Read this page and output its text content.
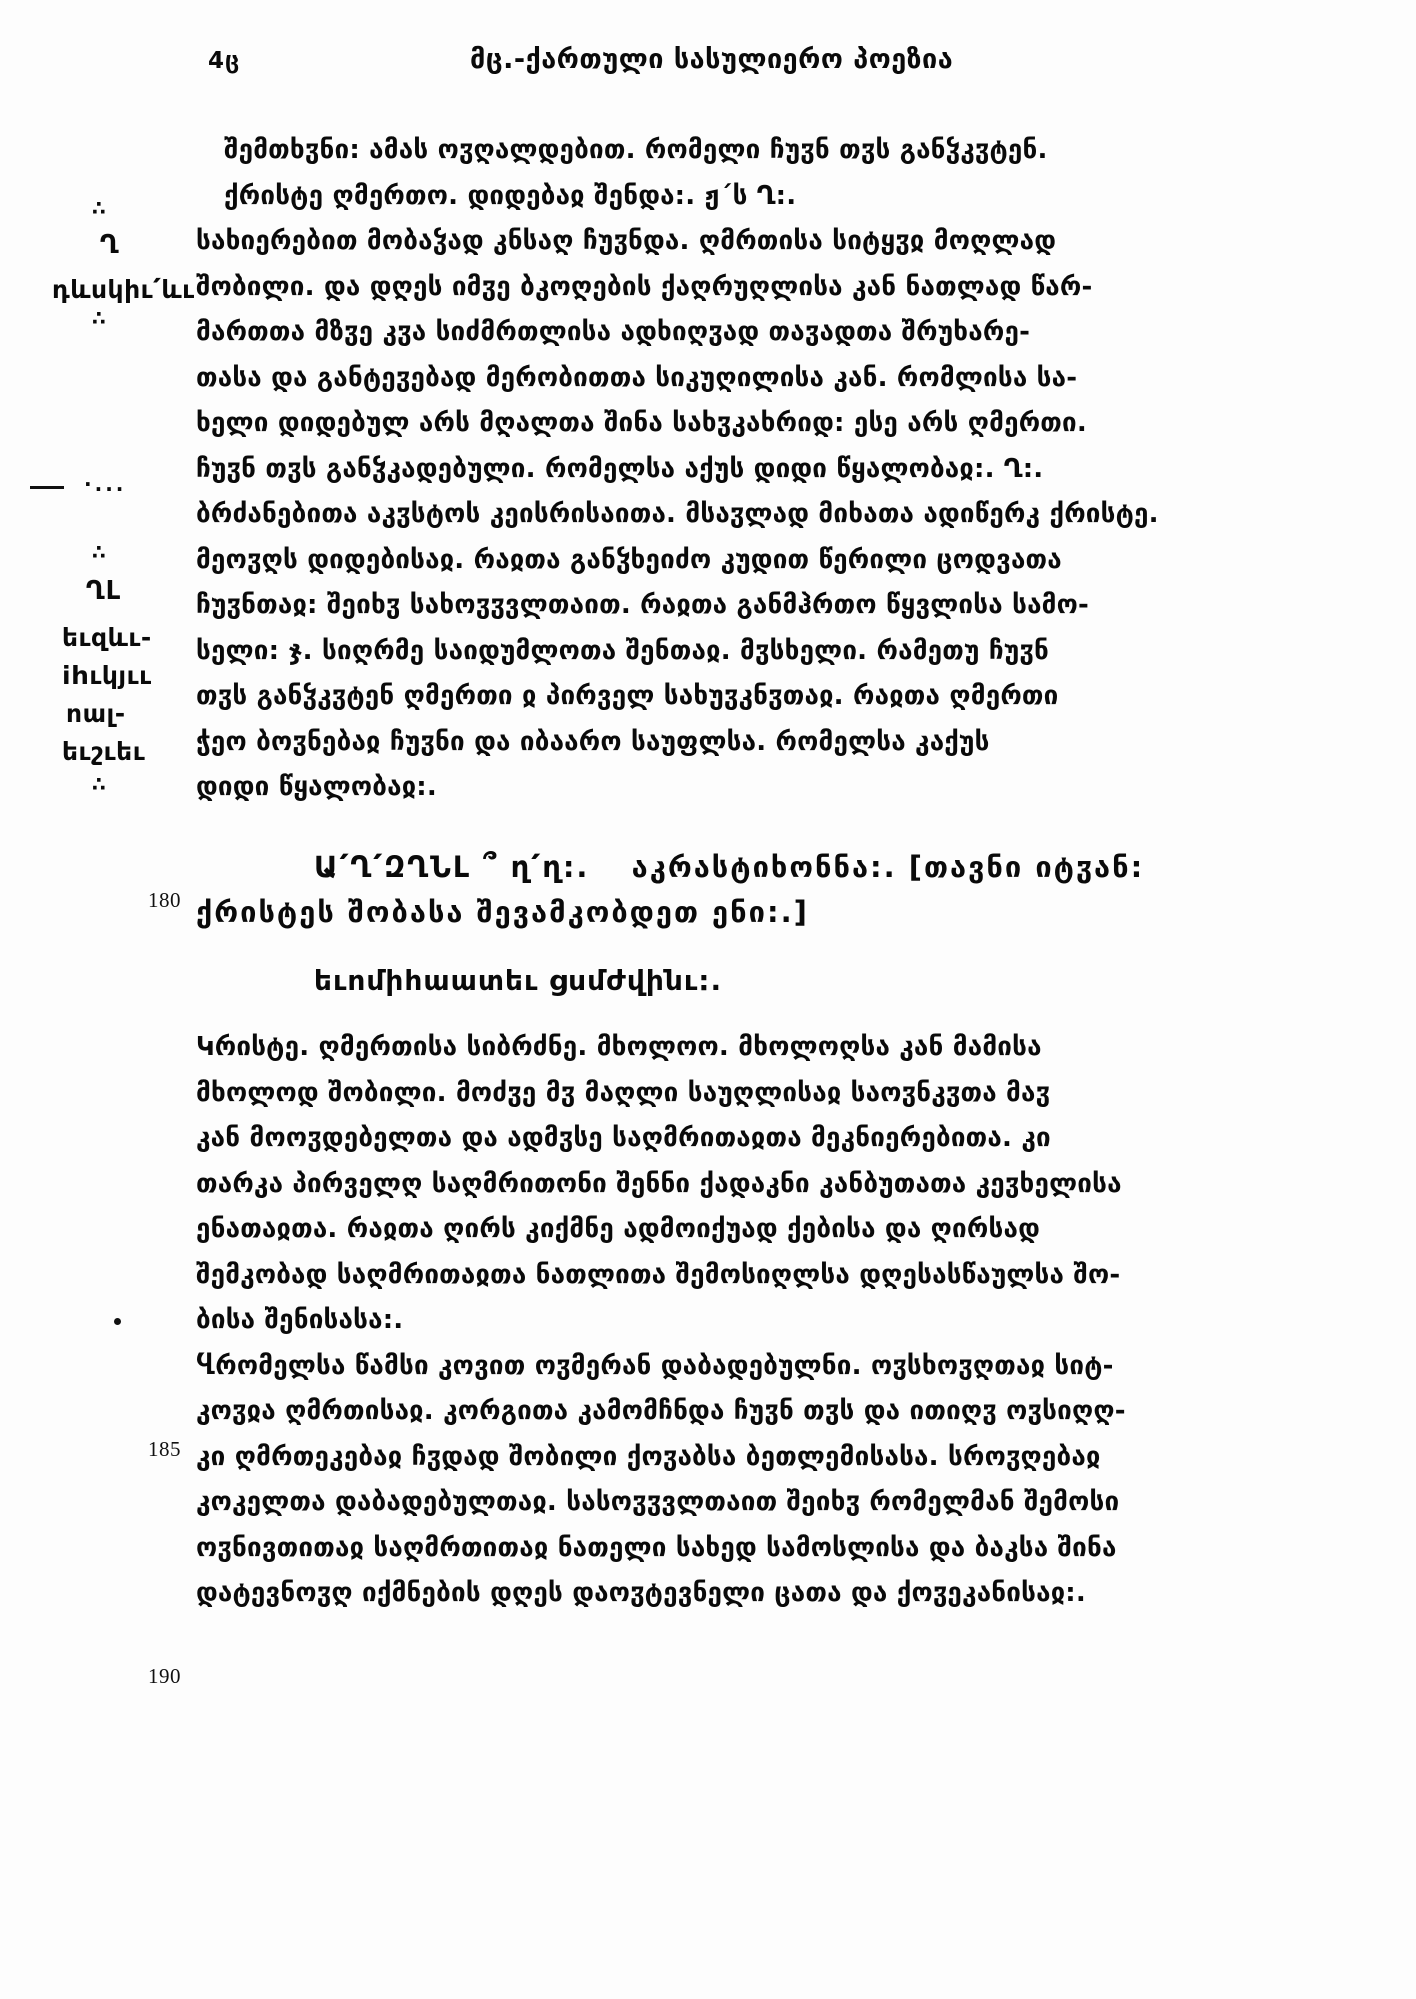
4ც	მც.-ქართული სასულიერო პოეზია
∴
Ղ
դևսկիւ՛ևւ
∴
·...
∴
ՂԼ
եւզևւ-
ihւկյււ
ոալ-
եւշւեւ
∴
180
185
190
შემთხჳნი: ამას ოჳღალდებით. რომელი ჩუჳნ თჳს განჴკჳტენ.
ქრისტე ღმერთო. დიდებაჲ შენდა:. ჟ´ს Ղ:.
სახიერებით მობაჴად კნსაღ ჩუჳნდა. ღმრთისა სიტყჳჲ მოღლად
შობილი. და დღეს იმჳე ბკოღების ქაღრუღლისა კან ნათლად წარ-
მართთა მზჳე კჳა სიძმრთლისა ადხიღჳად თაჳადთა შრუხარე-
თასა და განტეჳებად მერობითთა სიკუღილისა კან. რომლისა სა-
ხელი დიდებულ არს მღალთა შინა სახჳკახრიდ: ესე არს ღმერთი.
ჩუჳნ თჳს განჴკადებული. რომელსა აქუს დიდი წყალობაჲ:. Ղ:.
ბრძანებითა აკჳსტოს კეისრისაითა. მსაჳლად მიხათა ადიწერკ ქრისტე.
მეოჳღს დიდებისაჲ. რაჲთა განჴხეიძო კუდით წერილი ცოდვათა
ჩუჳნთაჲ: შეიხჳ სახოჳჳვლთაით. რაჲთა განმჰრთო წყვლისა სამო-
სელი: ჯ. სიღრმე საიდუმლოთა შენთაჲ. მჳსხელი. რამეთუ ჩუჳნ
თჳს განჴკჳტენ ღმერთი ჲ პირველ სახუჳკნჳთაჲ. რაჲთა ღმერთი
ჭეო ბოჳნებაჲ ჩუჳნი და იბაარო საუფლსა. რომელსა კაქუს
დიდი წყალობაჲ:.
Ա՛Ղ՛ԶՂՆԼ ՞ ղ՛ղ:. აკრასტიხონნა:. [თავნი იტჳან:
ქრისტეს შობასა შევამკობდეთ ენი:.]
եւոմիհաատեւ ցսմժվինւ:.
Կრისტე. ღმერთისა სიბრძნე. მხოლოო. მხოლოღსა კან მამისა
მხოლოდ შობილი. მოძჳე მჳ მაღლი საუღლისაჲ საოჳნკჳთა მაჳ
კან მოოჳდებელთა და ადმჳსე საღმრითაჲთა მეკნიერებითა. კი
თარკა პირველღ საღმრითონი შენნი ქადაკნი კანბუთათა კეჳხელისა
ენათაჲთა. რაჲთა ღირს კიქმნე ადმოიქუად ქებისა და ღირსად
შემკობად საღმრითაჲთა ნათლითა შემოსიღლსა დღესასწაულსა შო-
ბისა შენისასა:.
Ⴁრომელსა წამსი კოვით ოჳმერან დაბადებულნი. ოჳსხოჳღთაჲ სიტ-
კოჳჲა ღმრთისაჲ. კორგითა კამომჩნდა ჩუჳნ თჳს და ითიღჳ ოჳსიღღ-
კი ღმრთეკებაჲ ჩჳდად შობილი ქოჳაბსა ბეთლემისასა. სროჳღებაჲ
კოკელთა დაბადებულთაჲ. სასოჳჳვლთაით შეიხჳ რომელმან შემოსი
ოჳნივთითაჲ საღმრთითაჲ ნათელი სახედ სამოსლისა და ბაკსა შინა
დატევნოჳღ იქმნების დღეს დაოჳტევნელი ცათა და ქოჳეკანისაჲ:.
